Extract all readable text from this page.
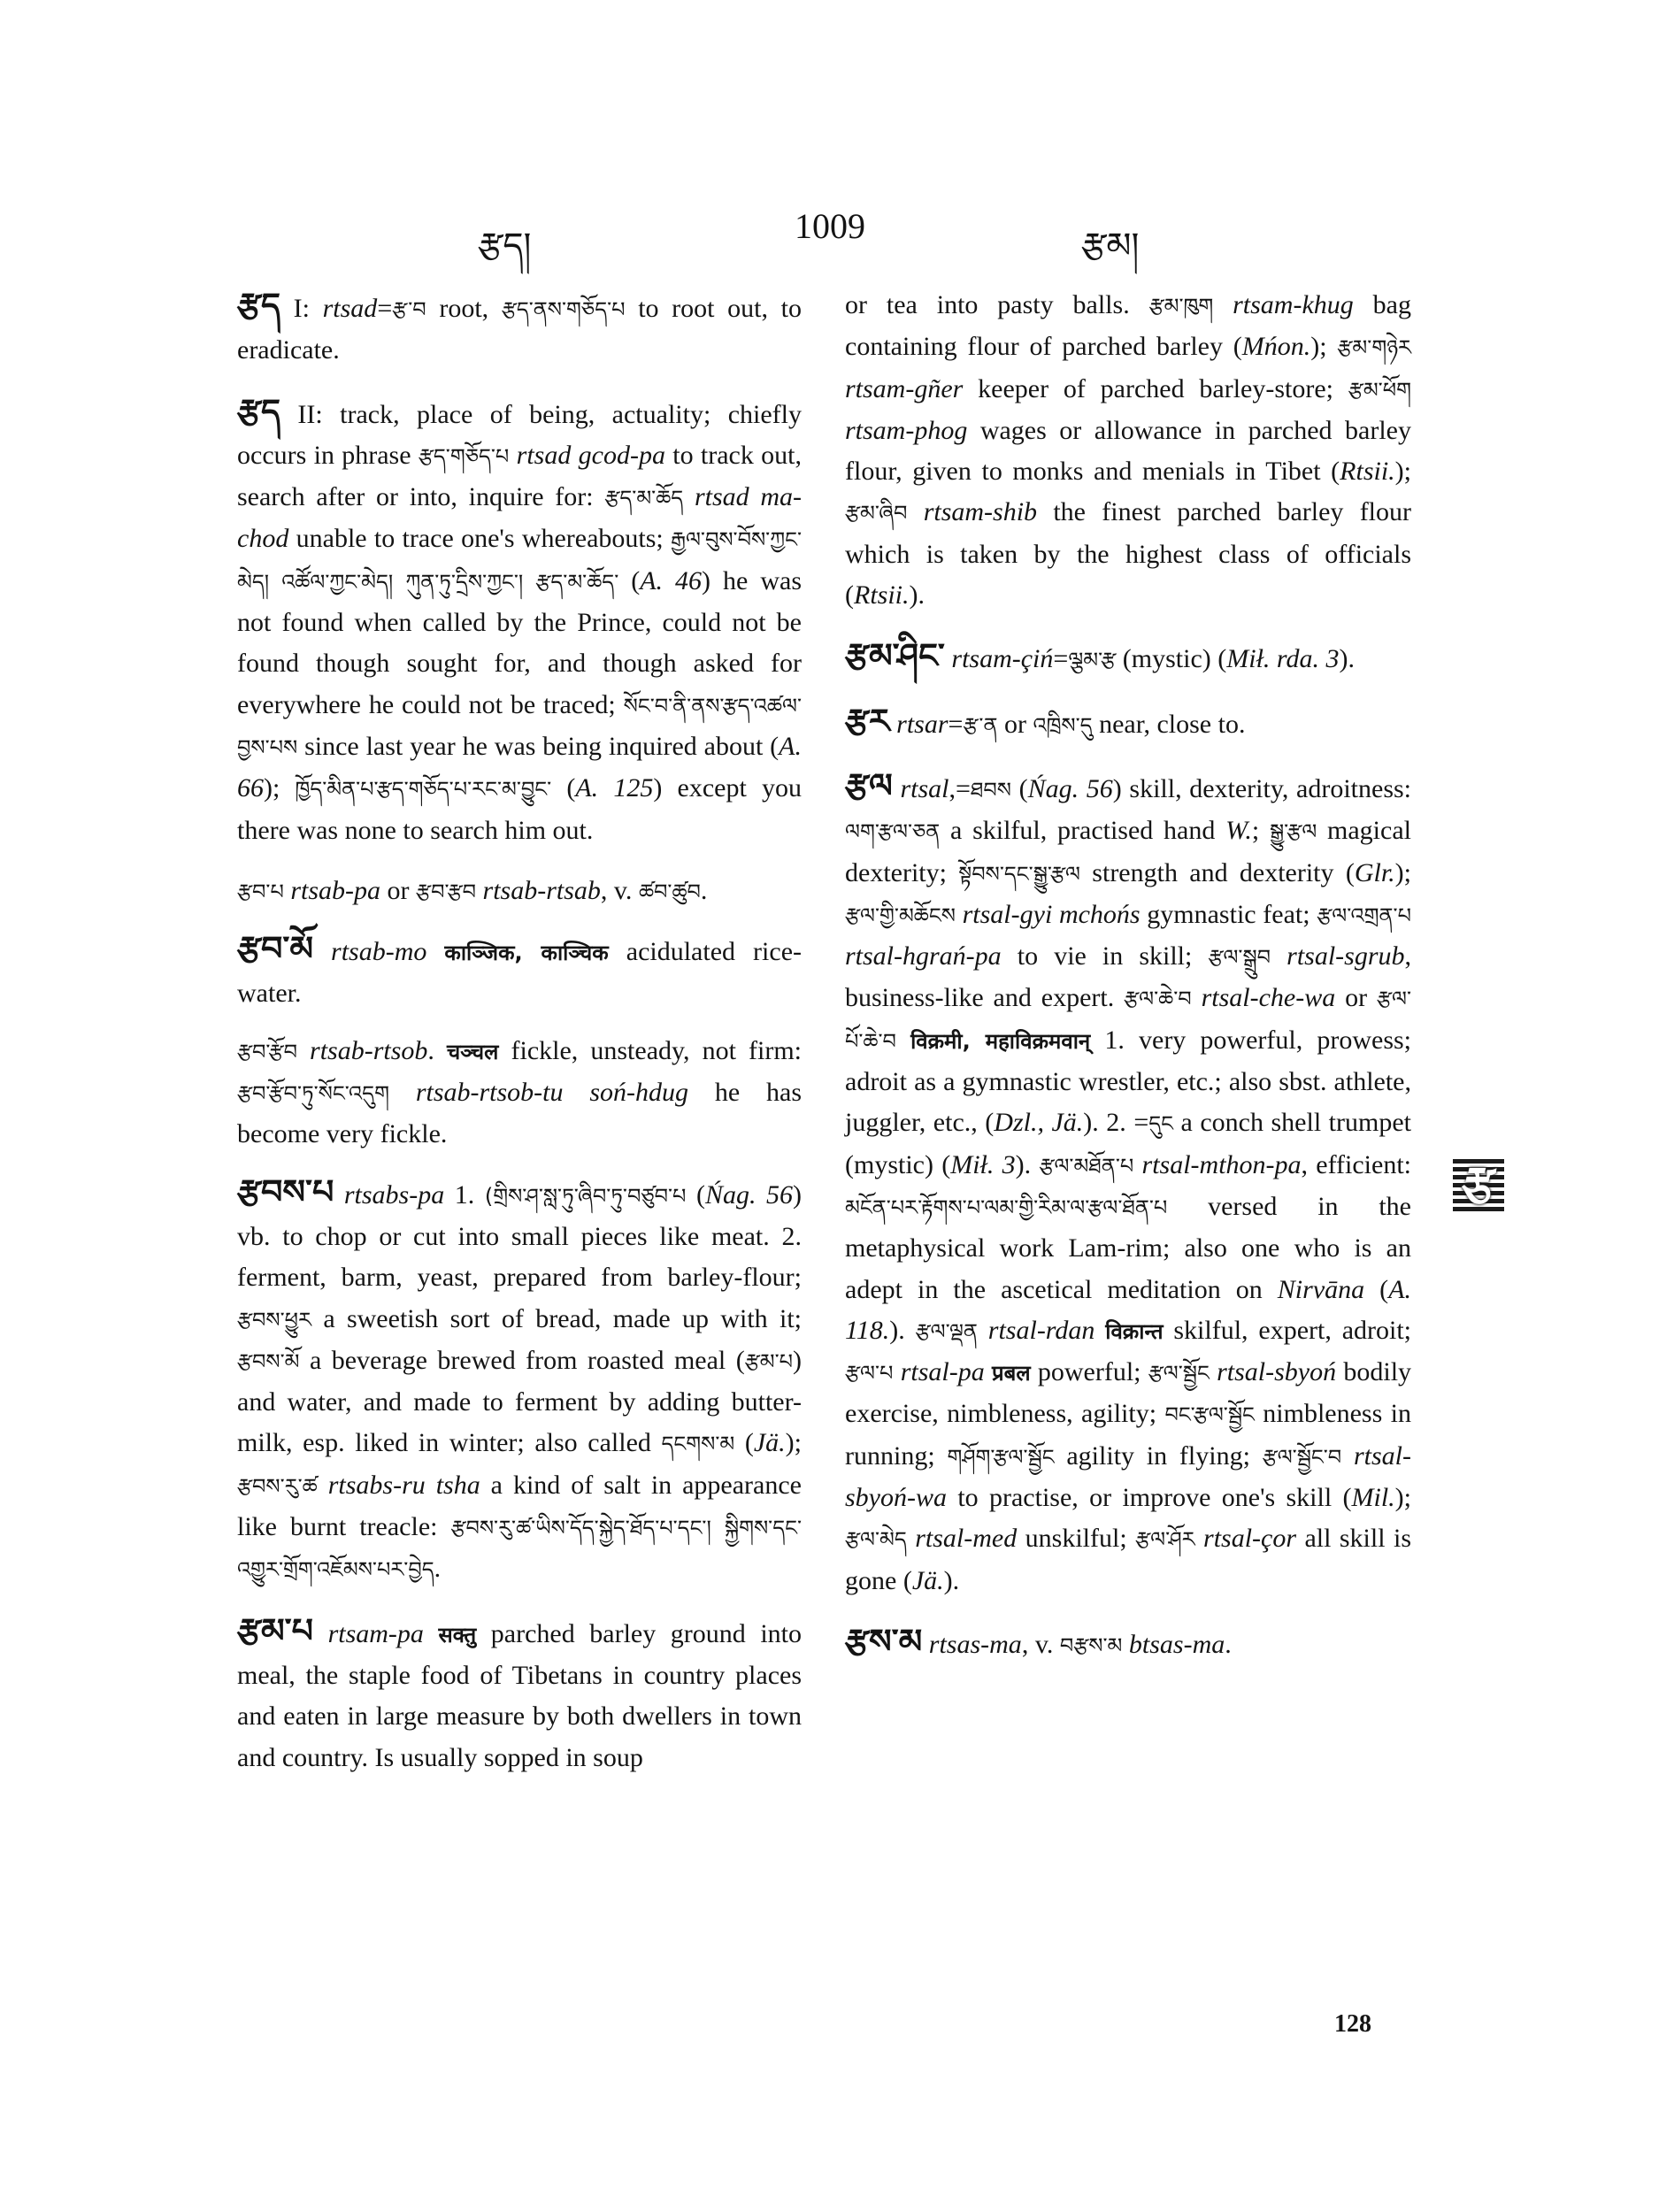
རྩད།	1009	རྩམ།

རྩད I: rtsad=རྩ་བ root, རྩད་ནས་གཅོད་པ to root out, to eradicate.

རྩད II: track, place of being, actuality; chiefly occurs in phrase རྩད་གཅོད་པ rtsad gcod-pa to track out, search after or into, inquire for: རྩད་མ་ཆོད rtsad ma-chod unable to trace one's whereabouts; རྒྱལ་བུས་བོས་ཀྱང་མེད། འཚོལ་ཀྱང་མེད། ཀུན་ཏུ་དྲིས་ཀྱང་། རྩད་མ་ཆོད་ (A. 46) he was not found when called by the Prince, could not be found though sought for, and though asked for everywhere he could not be traced; སོང་བ་ནི་ནས་རྩད་འཚལ་བྱས་པས since last year he was being inquired about (A. 66); ཁྱོད་མིན་པ་རྩད་གཅོད་པ་རང་མ་བྱུང་ (A. 125) except you there was none to search him out.

རྩབ་པ rtsab-pa or རྩབ་རྩབ rtsab-rtsab, v. ཚབ་ཚུབ.

རྩབ་མོ rtsab-mo काञ्जिक, काञ्चिक acidulated rice-water.

རྩབ་རྩོབ rtsab-rtsob. चञ्चल fickle, unsteady, not firm: རྩབ་རྩོབ་ཏུ་སོང་འདུག rtsab-rtsob-tu soń-hdug he has become very fickle.

རྩབས་པ rtsabs-pa 1. (གྲིས་ཤ་སླ་ཏུ་ཞིབ་ཏུ་བཙུབ་པ (Ńag. 56) vb. to chop or cut into small pieces like meat. 2. ferment, barm, yeast, prepared from barley-flour; རྩབས་ཕྱུར a sweetish sort of bread, made up with it; རྩབས་མོ a beverage brewed from roasted meal (རྩམ་པ) and water, and made to ferment by adding butter-milk, esp. liked in winter; also called དངགས་མ (Jä.); རྩབས་རུ་ཚ rtsabs-ru tsha a kind of salt in appearance like burnt treacle: རྩབས་རུ་ཚ་ཡིས་དོད་སྐྱེད་ཐོད་པ་དང་། སྐྱིགས་དང་འགྱུར་གྲོག་འཇོམས་པར་བྱེད.

རྩམ་པ rtsam-pa सक्तु parched barley ground into meal, the staple food of Tibetans in country places and eaten in large measure by both dwellers in town and country. Is usually sopped in soup

or tea into pasty balls. རྩམ་ཁུག rtsam-khug bag containing flour of parched barley (Mńon.); རྩམ་གཉེར rtsam-gñer keeper of parched barley-store; རྩམ་ཕོག rtsam-phog wages or allowance in parched barley flour, given to monks and menials in Tibet (Rtsii.); རྩམ་ཞིབ rtsam-shib the finest parched barley flour which is taken by the highest class of officials (Rtsii.).

རྩམ་ཤིང་ rtsam-çiń=ལྕམ་རྩ (mystic) (Mił. rda. 3).

རྩར rtsar=རྩ་ན or འཁྲིས་དུ near, close to.

རྩལ rtsal,=ཐབས (Ńag. 56) skill, dexterity, adroitness: ལག་རྩལ་ཅན a skilful, practised hand W.; སྒྱུ་རྩལ magical dexterity; སྟོབས་དང་སྒྱུ་རྩལ strength and dexterity (Glr.); རྩལ་གྱི་མཆོངས rtsal-gyi mchońs gymnastic feat; རྩལ་འགྲན་པ rtsal-hgrań-pa to vie in skill; རྩལ་སྒྲུབ rtsal-sgrub, business-like and expert. རྩལ་ཆེ་བ rtsal-che-wa or རྩལ་པོ་ཆེ་བ विक्रमी, महाविक्रमवान् 1. very powerful, prowess; adroit as a gymnastic wrestler, etc.; also sbst. athlete, juggler, etc., (Dzl., Jä.). 2. =དུང a conch shell trumpet (mystic) (Mił. 3). རྩལ་མཐོན་པ rtsal-mthon-pa, efficient: མངོན་པར་རྟོགས་པ་ལམ་གྱི་རིམ་ལ་རྩལ་ཐོན་པ versed in the metaphysical work Lam-rim; also one who is an adept in the ascetical meditation on Nirvāna (A. 118.). རྩལ་ལྡན rtsal-rdan विक्रान्त skilful, expert, adroit; རྩལ་པ rtsal-pa प्रबल powerful; རྩལ་སྦྱོང rtsal-sbyoń bodily exercise, nimbleness, agility; བང་རྩལ་སྦྱོང nimbleness in running; གཤོག་རྩལ་སྦྱོང agility in flying; རྩལ་སྦྱོང་བ rtsal-sbyoń-wa to practise, or improve one's skill (Mil.); རྩལ་མེད rtsal-med unskilful; རྩལ་ཤོར rtsal-çor all skill is gone (Jä.).

རྩས་མ rtsas-ma, v. བརྩས་མ btsas-ma.

རྩ
128
